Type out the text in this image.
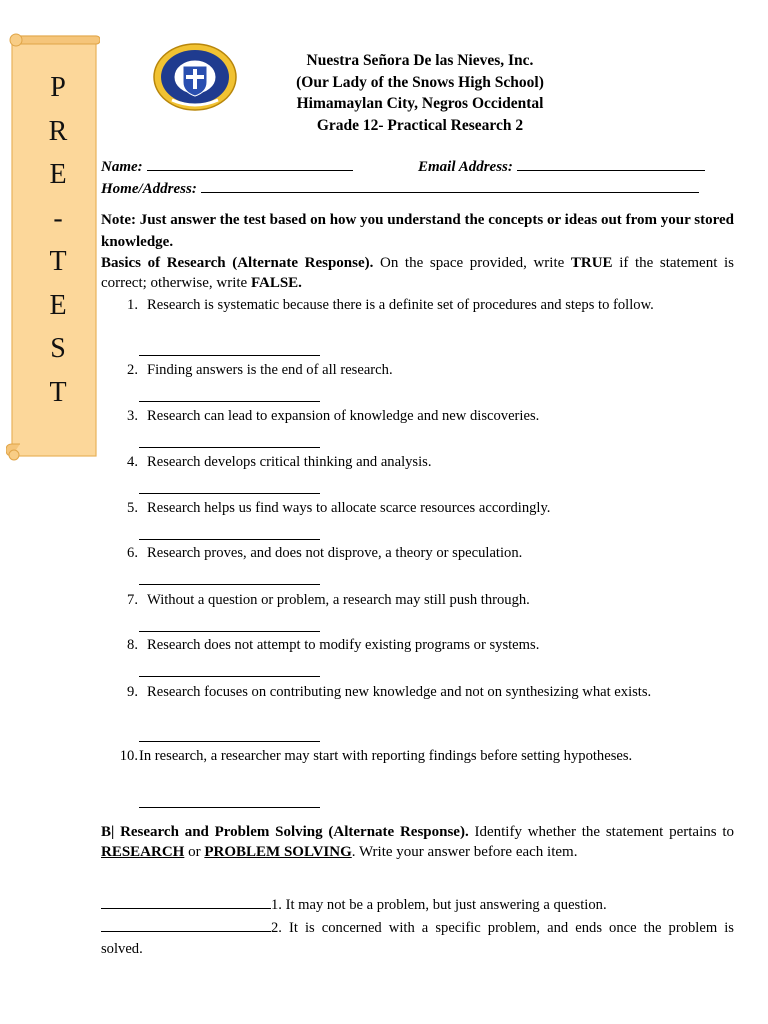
P
R
E
-
T
E
S
T
Nuestra Señora De las Nieves, Inc.
(Our Lady of the Snows High School)
Himamaylan City, Negros Occidental
Grade 12- Practical Research 2
Name:	Email Address:
Home/Address:
Note: Just answer the test based on how you understand the concepts or ideas out from your stored knowledge.
Basics of Research (Alternate Response). On the space provided, write TRUE if the statement is correct; otherwise, write FALSE.
1. Research is systematic because there is a definite set of procedures and steps to follow.
2. Finding answers is the end of all research.
3. Research can lead to expansion of knowledge and new discoveries.
4. Research develops critical thinking and analysis.
5. Research helps us find ways to allocate scarce resources accordingly.
6. Research proves, and does not disprove, a theory or speculation.
7. Without a question or problem, a research may still push through.
8. Research does not attempt to modify existing programs or systems.
9. Research focuses on contributing new knowledge and not on synthesizing what exists.
10. In research, a researcher may start with reporting findings before setting hypotheses.
B| Research and Problem Solving (Alternate Response). Identify whether the statement pertains to RESEARCH or PROBLEM SOLVING. Write your answer before each item.
1. It may not be a problem, but just answering a question.
2. It is concerned with a specific problem, and ends once the problem is solved.
